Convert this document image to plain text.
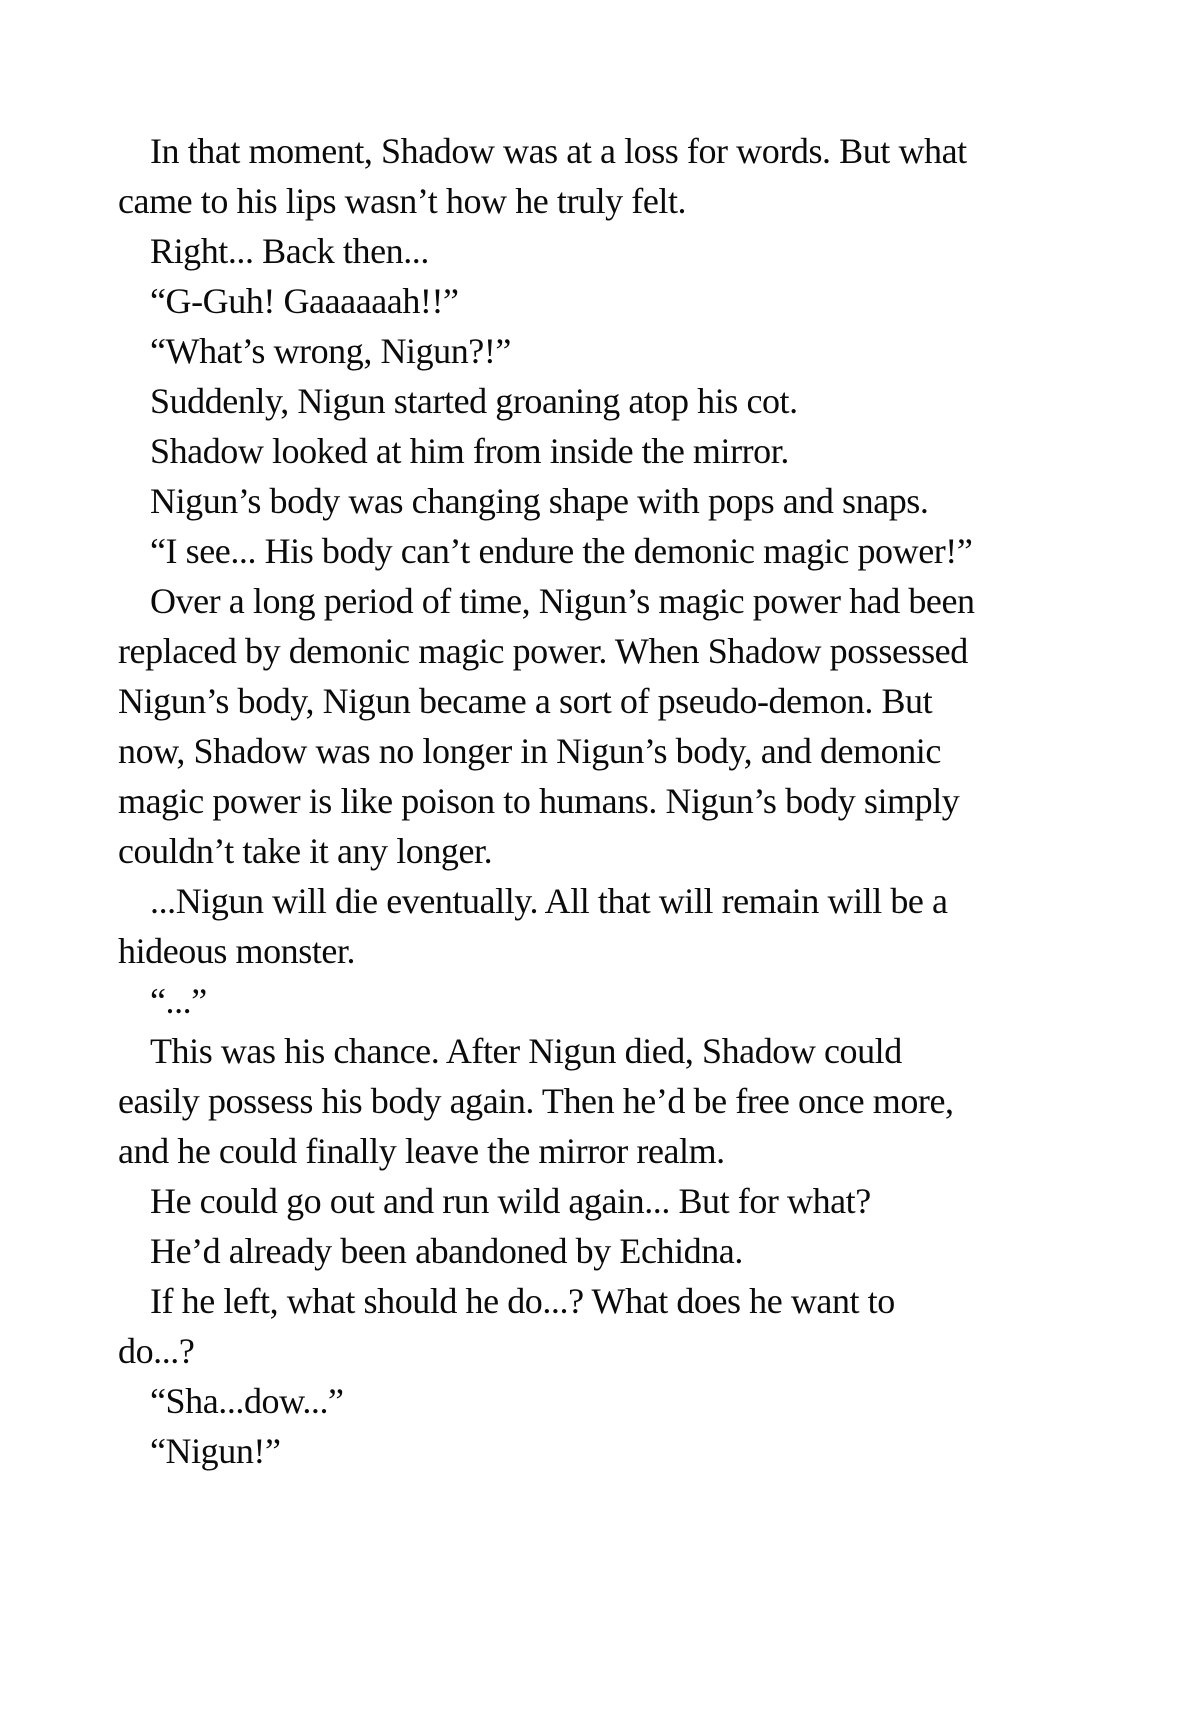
In that moment, Shadow was at a loss for words. But what
came to his lips wasn’t how he truly felt.
Right... Back then...
“G-Guh! Gaaaaaah!!”
“What’s wrong, Nigun?!”
Suddenly, Nigun started groaning atop his cot.
Shadow looked at him from inside the mirror.
Nigun’s body was changing shape with pops and snaps.
“I see... His body can’t endure the demonic magic power!”
Over a long period of time, Nigun’s magic power had been
replaced by demonic magic power. When Shadow possessed
Nigun’s body, Nigun became a sort of pseudo-demon. But
now, Shadow was no longer in Nigun’s body, and demonic
magic power is like poison to humans. Nigun’s body simply
couldn’t take it any longer.
...Nigun will die eventually. All that will remain will be a
hideous monster.
“...”
This was his chance. After Nigun died, Shadow could
easily possess his body again. Then he’d be free once more,
and he could finally leave the mirror realm.
He could go out and run wild again... But for what?
He’d already been abandoned by Echidna.
If he left, what should he do...? What does he want to
do...?
“Sha...dow...”
“Nigun!”
